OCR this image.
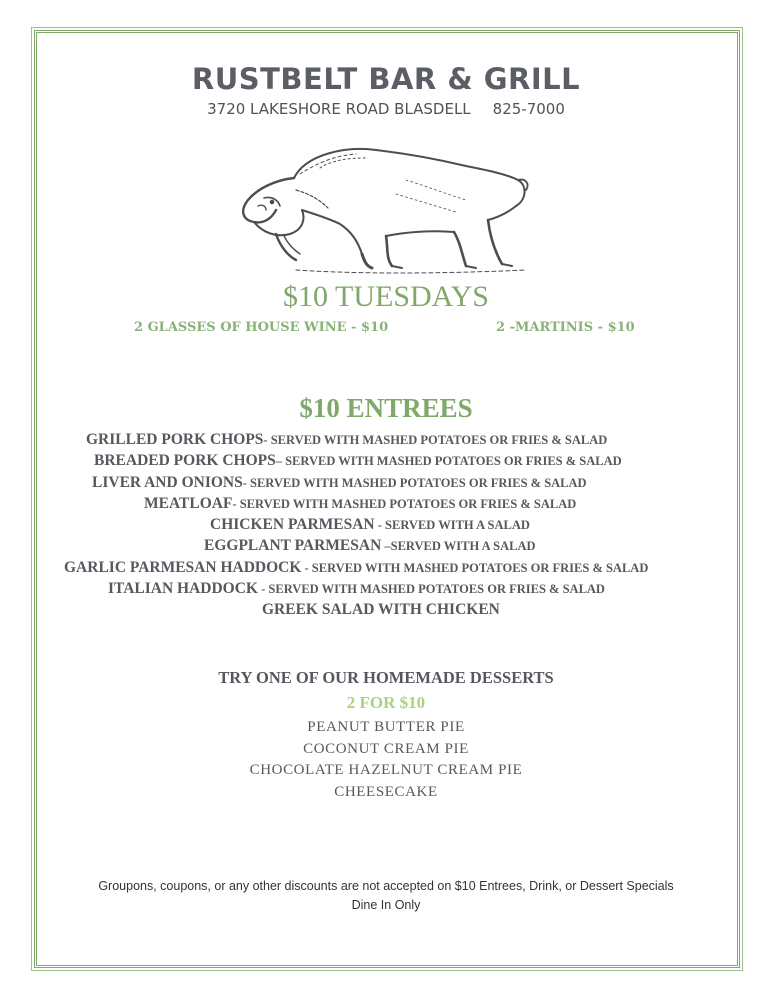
RUSTBELT BAR & GRILL
3720 LAKESHORE ROAD BLASDELL 825-7000
$10 TUESDAYS
2 GLASSES OF HOUSE WINE - $10	2 -MARTINIS - $10
$10 ENTREES
GRILLED PORK CHOPS- SERVED WITH MASHED POTATOES OR FRIES & SALAD
BREADED PORK CHOPS– SERVED WITH MASHED POTATOES OR FRIES & SALAD
LIVER AND ONIONS- SERVED WITH MASHED POTATOES OR FRIES & SALAD
MEATLOAF- SERVED WITH MASHED POTATOES OR FRIES & SALAD
CHICKEN PARMESAN - SERVED WITH A SALAD
EGGPLANT PARMESAN –SERVED WITH A SALAD
GARLIC PARMESAN HADDOCK - SERVED WITH MASHED POTATOES OR FRIES & SALAD
ITALIAN HADDOCK - SERVED WITH MASHED POTATOES OR FRIES & SALAD
GREEK SALAD WITH CHICKEN
TRY ONE OF OUR HOMEMADE DESSERTS
2 FOR $10
PEANUT BUTTER PIE
COCONUT CREAM PIE
CHOCOLATE HAZELNUT CREAM PIE
CHEESECAKE
Groupons, coupons, or any other discounts are not accepted on $10 Entrees, Drink, or Dessert Specials
Dine In Only
